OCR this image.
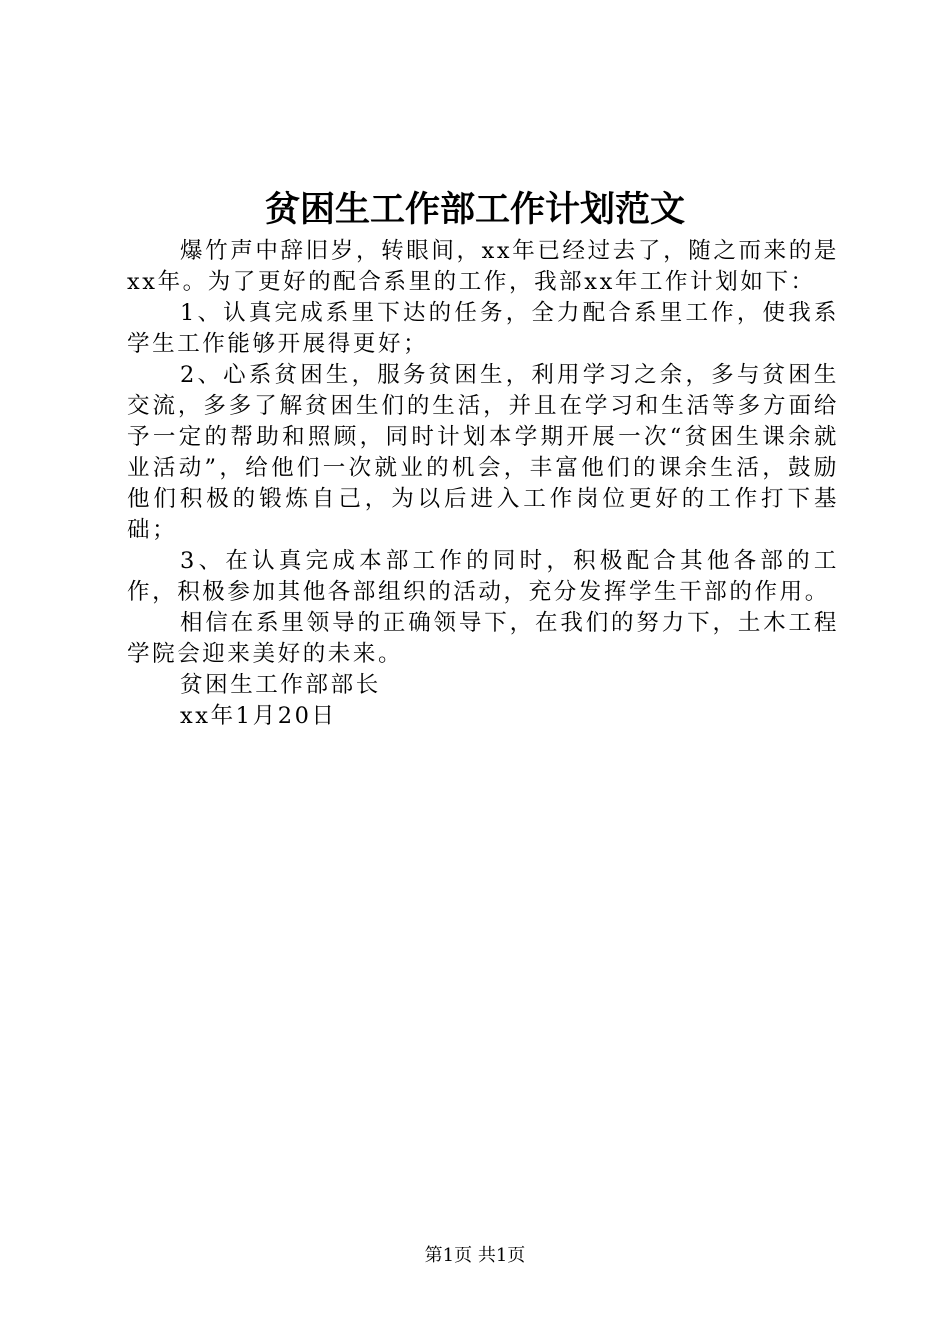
贫困生工作部工作计划范文

爆竹声中辞旧岁，转眼间，xx年已经过去了，随之而来的是xx年。为了更好的配合系里的工作，我部xx年工作计划如下：

1、认真完成系里下达的任务，全力配合系里工作，使我系学生工作能够开展得更好；

2、心系贫困生，服务贫困生，利用学习之余，多与贫困生交流，多多了解贫困生们的生活，并且在学习和生活等多方面给予一定的帮助和照顾，同时计划本学期开展一次“贫困生课余就业活动”，给他们一次就业的机会，丰富他们的课余生活，鼓励他们积极的锻炼自己，为以后进入工作岗位更好的工作打下基础；

3、在认真完成本部工作的同时，积极配合其他各部的工作，积极参加其他各部组织的活动，充分发挥学生干部的作用。

相信在系里领导的正确领导下，在我们的努力下，土木工程学院会迎来美好的未来。

贫困生工作部部长

xx年1月20日

第1页 共1页
